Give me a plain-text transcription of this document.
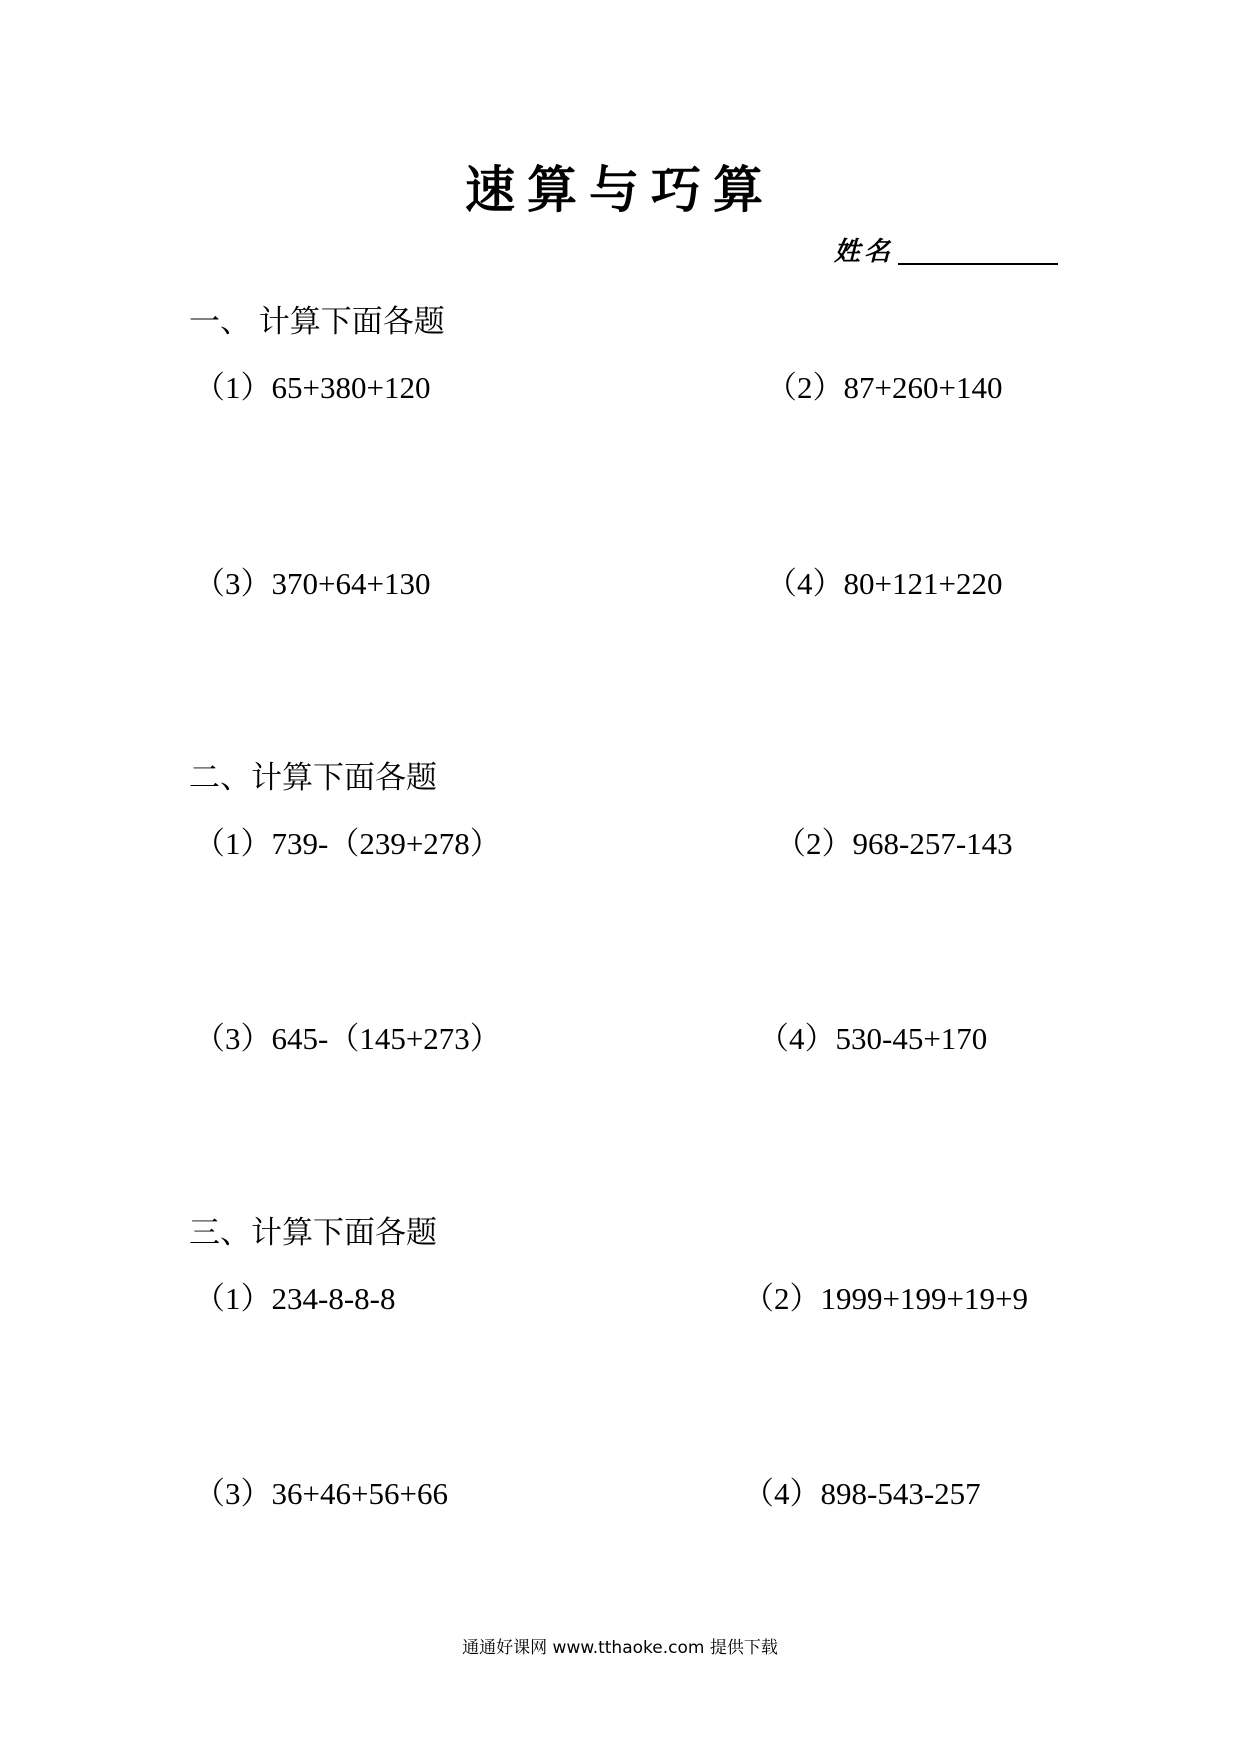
速算与巧算
姓名
一、 计算下面各题
（1）65+380+120	（2）87+260+140
（3）370+64+130	（4）80+121+220
二、计算下面各题
（1）739-（239+278）	（2）968-257-143
（3）645-（145+273）	（4）530-45+170
三、计算下面各题
（1）234-8-8-8	（2）1999+199+19+9
（3）36+46+56+66	（4）898-543-257
通通好课网 www.tthaoke.com 提供下载
